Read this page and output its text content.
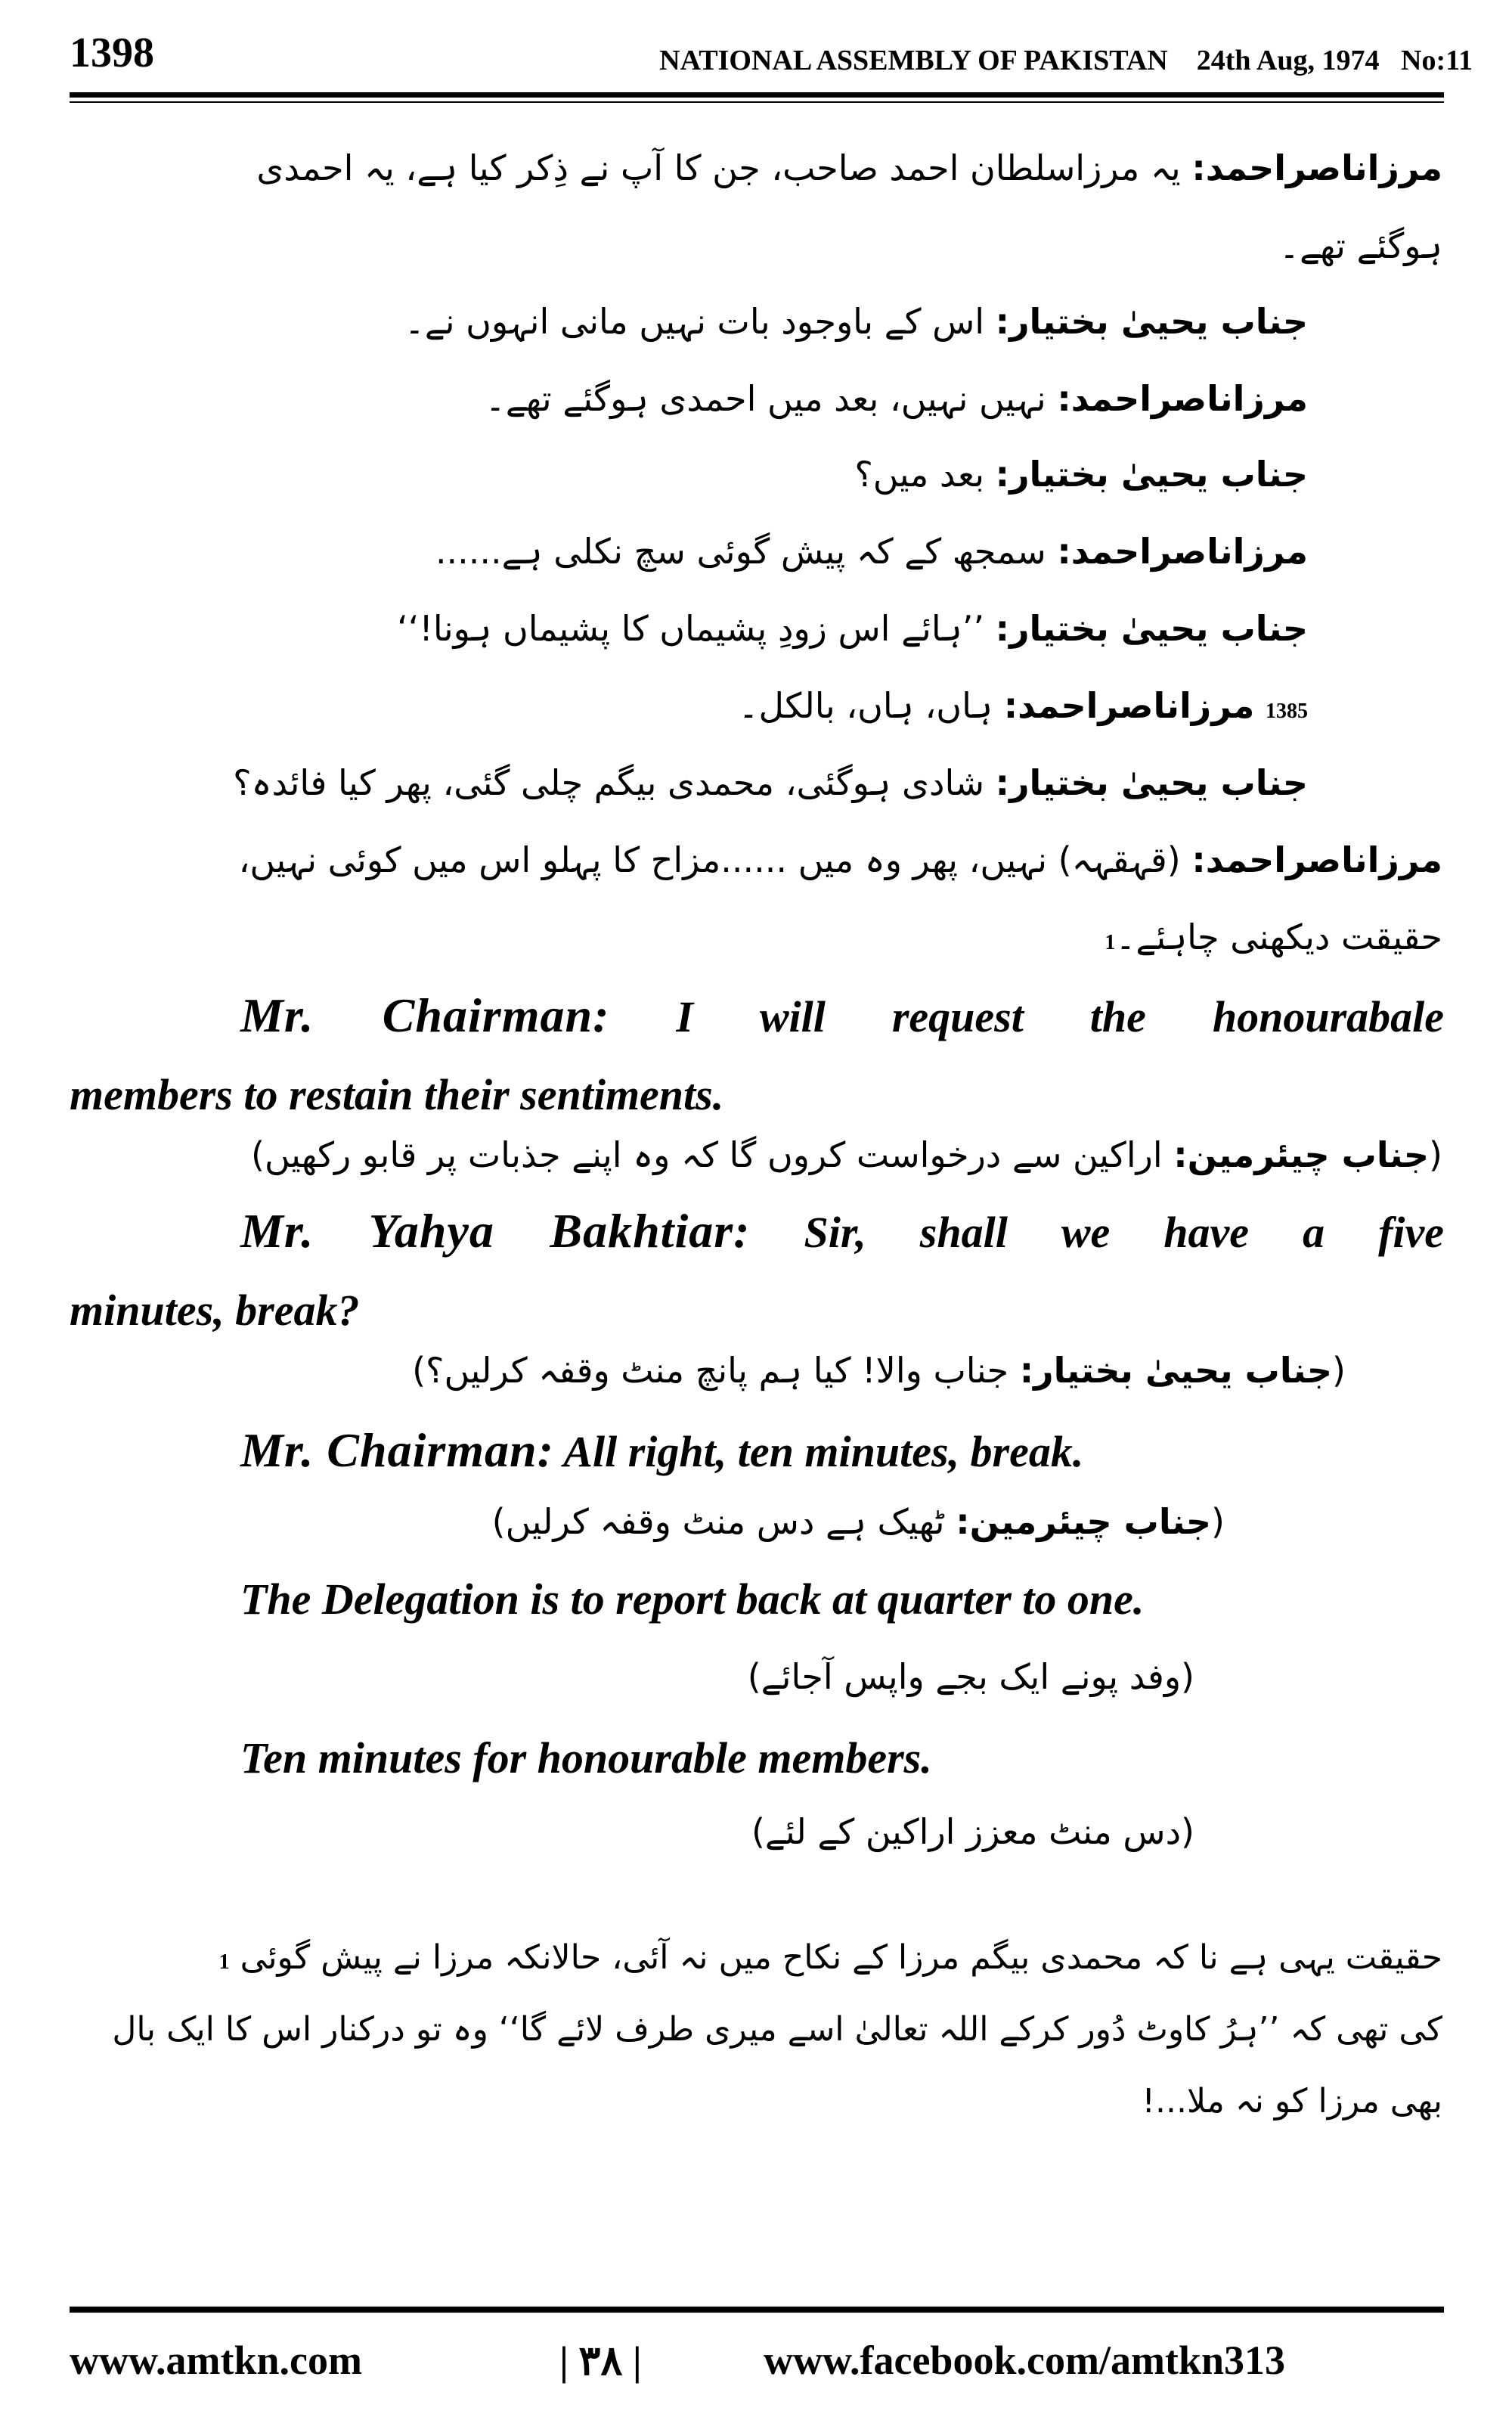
1398	NATIONAL ASSEMBLY OF PAKISTAN 24th Aug, 1974 No:11
مرزاناصراحمد: یہ مرزاسلطان احمد صاحب، جن کا آپ نے ذِکر کیا ہے، یہ احمدی
ہوگئے تھے۔
جناب یحییٰ بختیار: اس کے باوجود بات نہیں مانی انہوں نے۔
مرزاناصراحمد: نہیں نہیں، بعد میں احمدی ہوگئے تھے۔
جناب یحییٰ بختیار: بعد میں؟
مرزاناصراحمد: سمجھ کے کہ پیش گوئی سچ نکلی ہے......
جناب یحییٰ بختیار: ’’ہائے اس زودِ پشیماں کا پشیماں ہونا!‘‘
1385 مرزاناصراحمد: ہاں، ہاں، بالکل۔
جناب یحییٰ بختیار: شادی ہوگئی، محمدی بیگم چلی گئی، پھر کیا فائدہ؟
مرزاناصراحمد: (قہقہہ) نہیں، پھر وہ میں ......مزاح کا پہلو اس میں کوئی نہیں،
حقیقت دیکھنی چاہئے۔1
Mr. Chairman: I will request the honourabale
members to restain their sentiments.
(جناب چیئرمین: اراکین سے درخواست کروں گا کہ وہ اپنے جذبات پر قابو رکھیں)
Mr. Yahya Bakhtiar: Sir, shall we have a five
minutes, break?
(جناب یحییٰ بختیار: جناب والا! کیا ہم پانچ منٹ وقفہ کرلیں؟)
Mr. Chairman: All right, ten minutes, break.
(جناب چیئرمین: ٹھیک ہے دس منٹ وقفہ کرلیں)
The Delegation is to report back at quarter to one.
(وفد پونے ایک بجے واپس آجائے)
Ten minutes for honourable members.
(دس منٹ معزز اراکین کے لئے)
حقیقت یہی ہے نا کہ محمدی بیگم مرزا کے نکاح میں نہ آئی، حالانکہ مرزا نے پیش گوئی 1
کی تھی کہ ’’ہرُ کاوٹ دُور کرکے اللہ تعالیٰ اسے میری طرف لائے گا‘‘ وہ تو درکنار اس کا ایک بال
بھی مرزا کو نہ ملا...!
www.amtkn.com	| ۳۸ |	www.facebook.com/amtkn313
